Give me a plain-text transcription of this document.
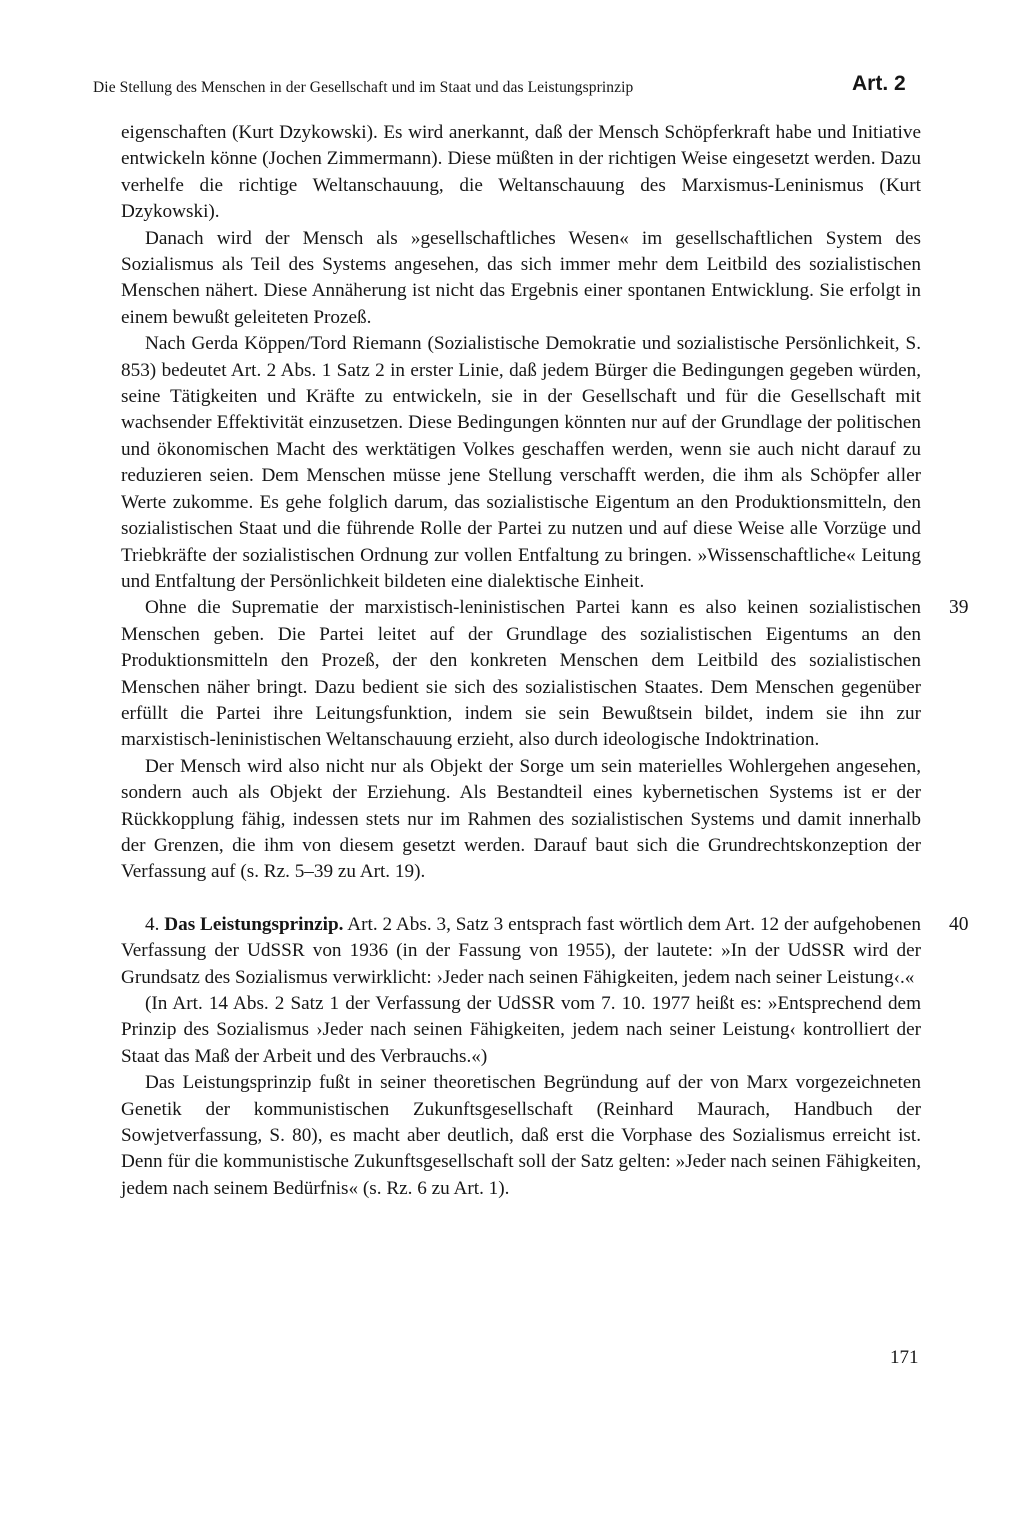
Die Stellung des Menschen in der Gesellschaft und im Staat und das Leistungsprinzip	Art. 2

eigenschaften (Kurt Dzykowski). Es wird anerkannt, daß der Mensch Schöpferkraft habe und Initiative entwickeln könne (Jochen Zimmermann). Diese müßten in der richtigen Weise eingesetzt werden. Dazu verhelfe die richtige Weltanschauung, die Weltanschauung des Marxismus-Leninismus (Kurt Dzykowski).

Danach wird der Mensch als »gesellschaftliches Wesen« im gesellschaftlichen System des Sozialismus als Teil des Systems angesehen, das sich immer mehr dem Leitbild des sozialistischen Menschen nähert. Diese Annäherung ist nicht das Ergebnis einer spontanen Entwicklung. Sie erfolgt in einem bewußt geleiteten Prozeß.

Nach Gerda Köppen/Tord Riemann (Sozialistische Demokratie und sozialistische Persönlichkeit, S. 853) bedeutet Art. 2 Abs. 1 Satz 2 in erster Linie, daß jedem Bürger die Bedingungen gegeben würden, seine Tätigkeiten und Kräfte zu entwickeln, sie in der Gesellschaft und für die Gesellschaft mit wachsender Effektivität einzusetzen. Diese Bedingungen könnten nur auf der Grundlage der politischen und ökonomischen Macht des werktätigen Volkes geschaffen werden, wenn sie auch nicht darauf zu reduzieren seien. Dem Menschen müsse jene Stellung verschafft werden, die ihm als Schöpfer aller Werte zukomme. Es gehe folglich darum, das sozialistische Eigentum an den Produktionsmitteln, den sozialistischen Staat und die führende Rolle der Partei zu nutzen und auf diese Weise alle Vorzüge und Triebkräfte der sozialistischen Ordnung zur vollen Entfaltung zu bringen. »Wissenschaftliche« Leitung und Entfaltung der Persönlichkeit bildeten eine dialektische Einheit.

39
Ohne die Suprematie der marxistisch-leninistischen Partei kann es also keinen sozialistischen Menschen geben. Die Partei leitet auf der Grundlage des sozialistischen Eigentums an den Produktionsmitteln den Prozeß, der den konkreten Menschen dem Leitbild des sozialistischen Menschen näher bringt. Dazu bedient sie sich des sozialistischen Staates. Dem Menschen gegenüber erfüllt die Partei ihre Leitungsfunktion, indem sie sein Bewußtsein bildet, indem sie ihn zur marxistisch-leninistischen Weltanschauung erzieht, also durch ideologische Indoktrination.

Der Mensch wird also nicht nur als Objekt der Sorge um sein materielles Wohlergehen angesehen, sondern auch als Objekt der Erziehung. Als Bestandteil eines kybernetischen Systems ist er der Rückkopplung fähig, indessen stets nur im Rahmen des sozialistischen Systems und damit innerhalb der Grenzen, die ihm von diesem gesetzt werden. Darauf baut sich die Grundrechtskonzeption der Verfassung auf (s. Rz. 5–39 zu Art. 19).

40
4. Das Leistungsprinzip. Art. 2 Abs. 3, Satz 3 entsprach fast wörtlich dem Art. 12 der aufgehobenen Verfassung der UdSSR von 1936 (in der Fassung von 1955), der lautete: »In der UdSSR wird der Grundsatz des Sozialismus verwirklicht: ›Jeder nach seinen Fähigkeiten, jedem nach seiner Leistung‹.«

(In Art. 14 Abs. 2 Satz 1 der Verfassung der UdSSR vom 7. 10. 1977 heißt es: »Entsprechend dem Prinzip des Sozialismus ›Jeder nach seinen Fähigkeiten, jedem nach seiner Leistung‹ kontrolliert der Staat das Maß der Arbeit und des Verbrauchs.«)

Das Leistungsprinzip fußt in seiner theoretischen Begründung auf der von Marx vorgezeichneten Genetik der kommunistischen Zukunftsgesellschaft (Reinhard Maurach, Handbuch der Sowjetverfassung, S. 80), es macht aber deutlich, daß erst die Vorphase des Sozialismus erreicht ist. Denn für die kommunistische Zukunftsgesellschaft soll der Satz gelten: »Jeder nach seinen Fähigkeiten, jedem nach seinem Bedürfnis« (s. Rz. 6 zu Art. 1).

171
